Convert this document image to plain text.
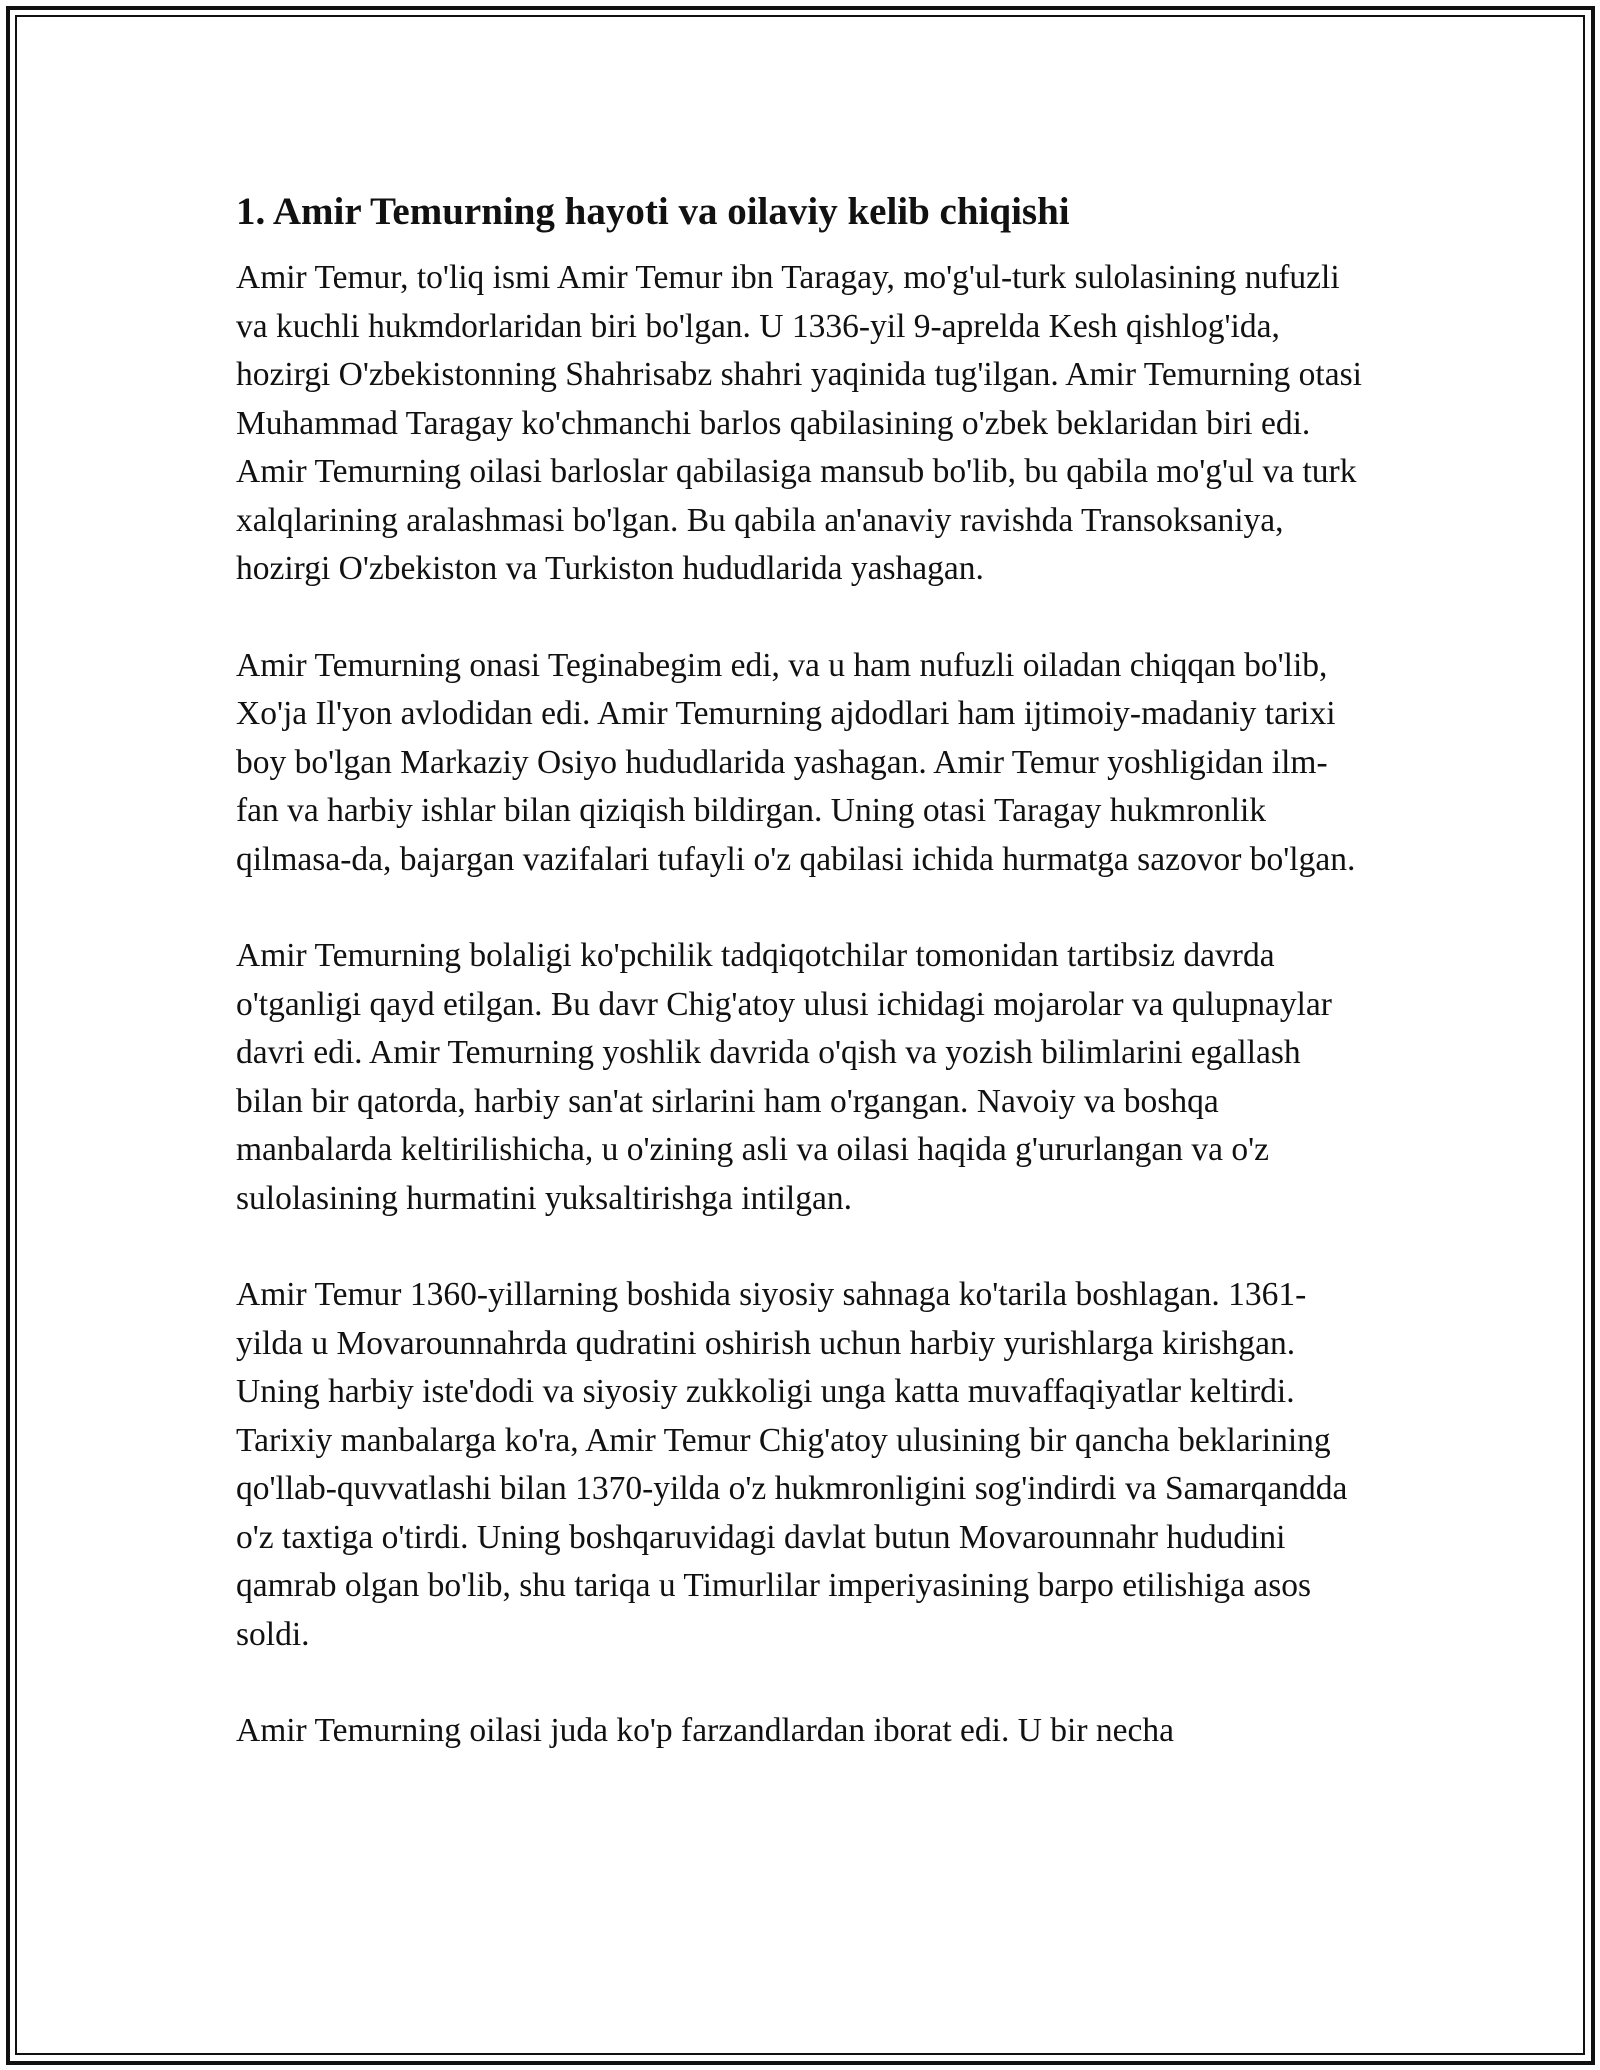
1. Amir Temurning hayoti va oilaviy kelib chiqishi

Amir Temur, to'liq ismi Amir Temur ibn Taragay, mo'g'ul-turk sulolasining nufuzli va kuchli hukmdorlaridan biri bo'lgan. U 1336-yil 9-aprelda Kesh qishlog'ida, hozirgi O'zbekistonning Shahrisabz shahri yaqinida tug'ilgan. Amir Temurning otasi Muhammad Taragay ko'chmanchi barlos qabilasining o'zbek beklaridan biri edi. Amir Temurning oilasi barloslar qabilasiga mansub bo'lib, bu qabila mo'g'ul va turk xalqlarining aralashmasi bo'lgan. Bu qabila an'anaviy ravishda Transoksaniya, hozirgi O'zbekiston va Turkiston hududlarida yashagan.

Amir Temurning onasi Teginabegim edi, va u ham nufuzli oiladan chiqqan bo'lib, Xo'ja Il'yon avlodidan edi. Amir Temurning ajdodlari ham ijtimoiy-madaniy tarixi boy bo'lgan Markaziy Osiyo hududlarida yashagan. Amir Temur yoshligidan ilm-fan va harbiy ishlar bilan qiziqish bildirgan. Uning otasi Taragay hukmronlik qilmasa-da, bajargan vazifalari tufayli o'z qabilasi ichida hurmatga sazovor bo'lgan.

Amir Temurning bolaligi ko'pchilik tadqiqotchilar tomonidan tartibsiz davrda o'tganligi qayd etilgan. Bu davr Chig'atoy ulusi ichidagi mojarolar va qulupnaylar davri edi. Amir Temurning yoshlik davrida o'qish va yozish bilimlarini egallash bilan bir qatorda, harbiy san'at sirlarini ham o'rgangan. Navoiy va boshqa manbalarda keltirilishicha, u o'zining asli va oilasi haqida g'ururlangan va o'z sulolasining hurmatini yuksaltirishga intilgan.

Amir Temur 1360-yillarning boshida siyosiy sahnaga ko'tarila boshlagan. 1361-yilda u Movarounnahrda qudratini oshirish uchun harbiy yurishlarga kirishgan. Uning harbiy iste'dodi va siyosiy zukkoligi unga katta muvaffaqiyatlar keltirdi. Tarixiy manbalarga ko'ra, Amir Temur Chig'atoy ulusining bir qancha beklarining qo'llab-quvvatlashi bilan 1370-yilda o'z hukmronligini sog'indirdi va Samarqandda o'z taxtiga o'tirdi. Uning boshqaruvidagi davlat butun Movarounnahr hududini qamrab olgan bo'lib, shu tariqa u Timurlilar imperiyasining barpo etilishiga asos soldi.

Amir Temurning oilasi juda ko'p farzandlardan iborat edi. U bir necha
